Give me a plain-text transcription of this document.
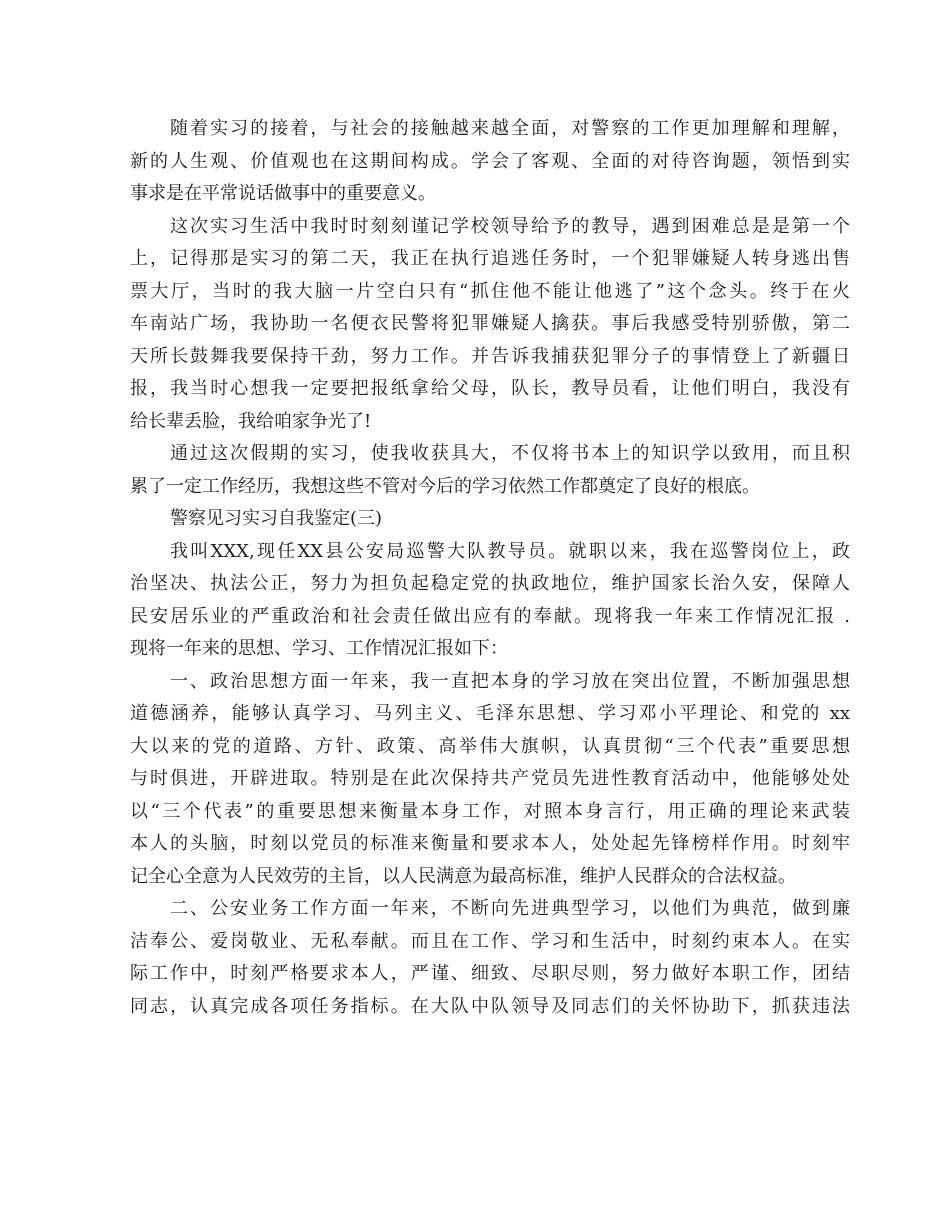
随着实习的接着，与社会的接触越来越全面，对警察的工作更加理解和理解，
新的人生观、价值观也在这期间构成。学会了客观、全面的对待咨询题，领悟到实
事求是在平常说话做事中的重要意义。
这次实习生活中我时时刻刻谨记学校领导给予的教导，遇到困难总是是第一个
上，记得那是实习的第二天，我正在执行追逃任务时，一个犯罪嫌疑人转身逃出售
票大厅，当时的我大脑一片空白只有“抓住他不能让他逃了”这个念头。终于在火
车南站广场，我协助一名便衣民警将犯罪嫌疑人擒获。事后我感受特别骄傲，第二
天所长鼓舞我要保持干劲，努力工作。并告诉我捕获犯罪分子的事情登上了新疆日
报，我当时心想我一定要把报纸拿给父母，队长，教导员看，让他们明白，我没有
给长辈丢脸，我给咱家争光了!
通过这次假期的实习，使我收获具大，不仅将书本上的知识学以致用，而且积
累了一定工作经历，我想这些不管对今后的学习依然工作都奠定了良好的根底。
警察见习实习自我鉴定(三)
我叫XXX,现任XX县公安局巡警大队教导员。就职以来，我在巡警岗位上，政
治坚决、执法公正，努力为担负起稳定党的执政地位，维护国家长治久安，保障人
民安居乐业的严重政治和社会责任做出应有的奉献。现将我一年来工作情况汇报 .
现将一年来的思想、学习、工作情况汇报如下：
一、政治思想方面一年来，我一直把本身的学习放在突出位置，不断加强思想
道德涵养，能够认真学习、马列主义、毛泽东思想、学习邓小平理论、和党的 xx
大以来的党的道路、方针、政策、高举伟大旗帜，认真贯彻“三个代表”重要思想
与时俱进，开辟进取。特别是在此次保持共产党员先进性教育活动中，他能够处处
以“三个代表”的重要思想来衡量本身工作，对照本身言行，用正确的理论来武装
本人的头脑，时刻以党员的标准来衡量和要求本人，处处起先锋榜样作用。时刻牢
记全心全意为人民效劳的主旨，以人民满意为最高标准，维护人民群众的合法权益。
二、公安业务工作方面一年来，不断向先进典型学习，以他们为典范，做到廉
洁奉公、爱岗敬业、无私奉献。而且在工作、学习和生活中，时刻约束本人。在实
际工作中，时刻严格要求本人，严谨、细致、尽职尽则，努力做好本职工作，团结
同志，认真完成各项任务指标。在大队中队领导及同志们的关怀协助下，抓获违法
